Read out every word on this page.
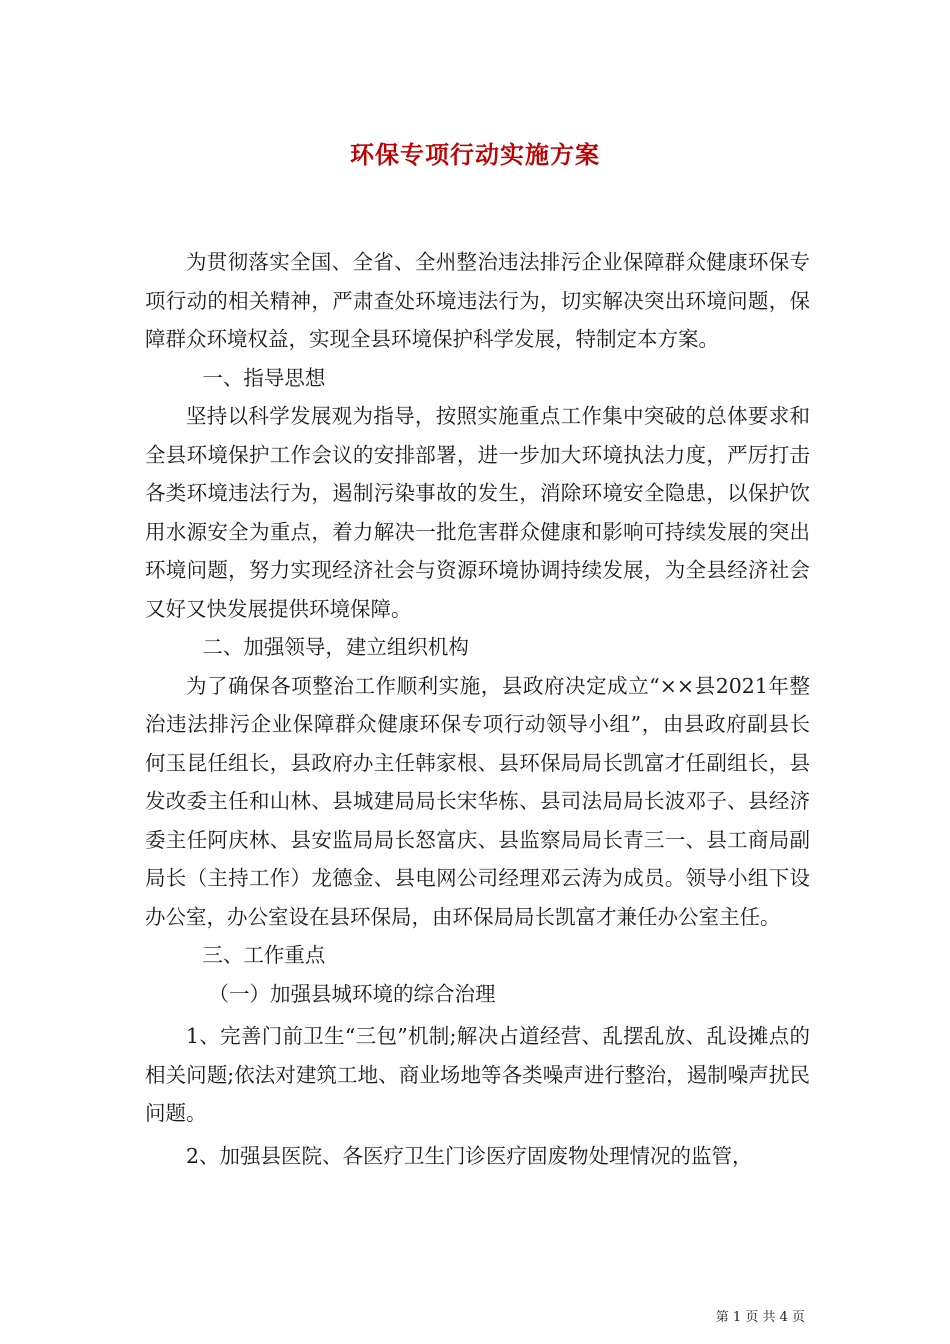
环保专项行动实施方案

为贯彻落实全国、全省、全州整治违法排污企业保障群众健康环保专项行动的相关精神，严肃查处环境违法行为，切实解决突出环境问题，保障群众环境权益，实现全县环境保护科学发展，特制定本方案。

一、指导思想

坚持以科学发展观为指导，按照实施重点工作集中突破的总体要求和全县环境保护工作会议的安排部署，进一步加大环境执法力度，严厉打击各类环境违法行为，遏制污染事故的发生，消除环境安全隐患，以保护饮用水源安全为重点，着力解决一批危害群众健康和影响可持续发展的突出环境问题，努力实现经济社会与资源环境协调持续发展，为全县经济社会又好又快发展提供环境保障。

二、加强领导，建立组织机构

为了确保各项整治工作顺利实施，县政府决定成立“××县2021年整治违法排污企业保障群众健康环保专项行动领导小组”，由县政府副县长何玉昆任组长，县政府办主任韩家根、县环保局局长凯富才任副组长，县发改委主任和山林、县城建局局长宋华栋、县司法局局长波邓子、县经济委主任阿庆林、县安监局局长怒富庆、县监察局局长青三一、县工商局副局长（主持工作）龙德金、县电网公司经理邓云涛为成员。领导小组下设办公室，办公室设在县环保局，由环保局局长凯富才兼任办公室主任。

三、工作重点

（一）加强县城环境的综合治理

1、完善门前卫生“三包”机制;解决占道经营、乱摆乱放、乱设摊点的相关问题;依法对建筑工地、商业场地等各类噪声进行整治，遏制噪声扰民问题。

2、加强县医院、各医疗卫生门诊医疗固废物处理情况的监管，

第 1 页 共 4 页
